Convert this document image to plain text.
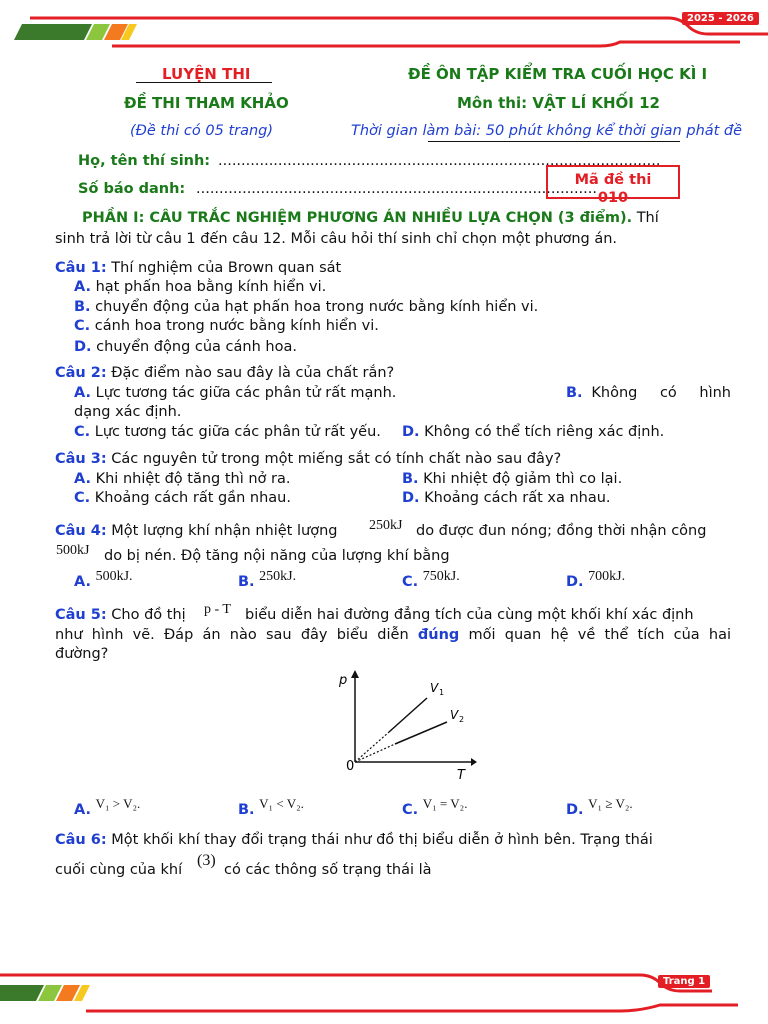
2025 - 2026
LUYỆN THI
ĐỀ THI THAM KHẢO
(Đề thi có 05 trang)
ĐỀ ÔN TẬP KIỂM TRA CUỐI HỌC KÌ I
Môn thi: VẬT LÍ KHỐI 12
Thời gian làm bài: 50 phút không kể thời gian phát đề
Họ, tên thí sinh: ................................................................................................
Số báo danh: .......................................................................................
Mã đề thi
010
PHẦN I: CÂU TRẮC NGHIỆM PHƯƠNG ÁN NHIỀU LỰA CHỌN (3 điểm). Thí
sinh trả lời từ câu 1 đến câu 12. Mỗi câu hỏi thí sinh chỉ chọn một phương án.
Câu 1: Thí nghiệm của Brown quan sát
A. hạt phấn hoa bằng kính hiển vi.
B. chuyển động của hạt phấn hoa trong nước bằng kính hiển vi.
C. cánh hoa trong nước bằng kính hiển vi.
D. chuyển động của cánh hoa.
Câu 2: Đặc điểm nào sau đây là của chất rắn?
A. Lực tương tác giữa các phân tử rất mạnh.	B. Không có hình
dạng xác định.
C. Lực tương tác giữa các phân tử rất yếu. D. Không có thể tích riêng xác định.
Câu 3: Các nguyên tử trong một miếng sắt có tính chất nào sau đây?
A. Khi nhiệt độ tăng thì nở ra.	B. Khi nhiệt độ giảm thì co lại.
C. Khoảng cách rất gần nhau.	D. Khoảng cách rất xa nhau.
Câu 4: Một lượng khí nhận nhiệt lượng 250kJ do được đun nóng; đồng thời nhận công
500kJ do bị nén. Độ tăng nội năng của lượng khí bằng
A. 500kJ.	B. 250kJ.	C. 750kJ.	D. 700kJ.
Câu 5: Cho đồ thị p - T biểu diễn hai đường đẳng tích của cùng một khối khí xác định
như hình vẽ. Đáp án nào sau đây biểu diễn đúng mối quan hệ về thể tích của hai
đường?
p
T
0
V 1
V 2
A. V₁ > V₂.	B. V₁ < V₂.	C. V₁ = V₂.	D. V₁ ≥ V₂.
Câu 6: Một khối khí thay đổi trạng thái như đồ thị biểu diễn ở hình bên. Trạng thái
cuối cùng của khí
(3)
có các thông số trạng thái là
Trang 1
